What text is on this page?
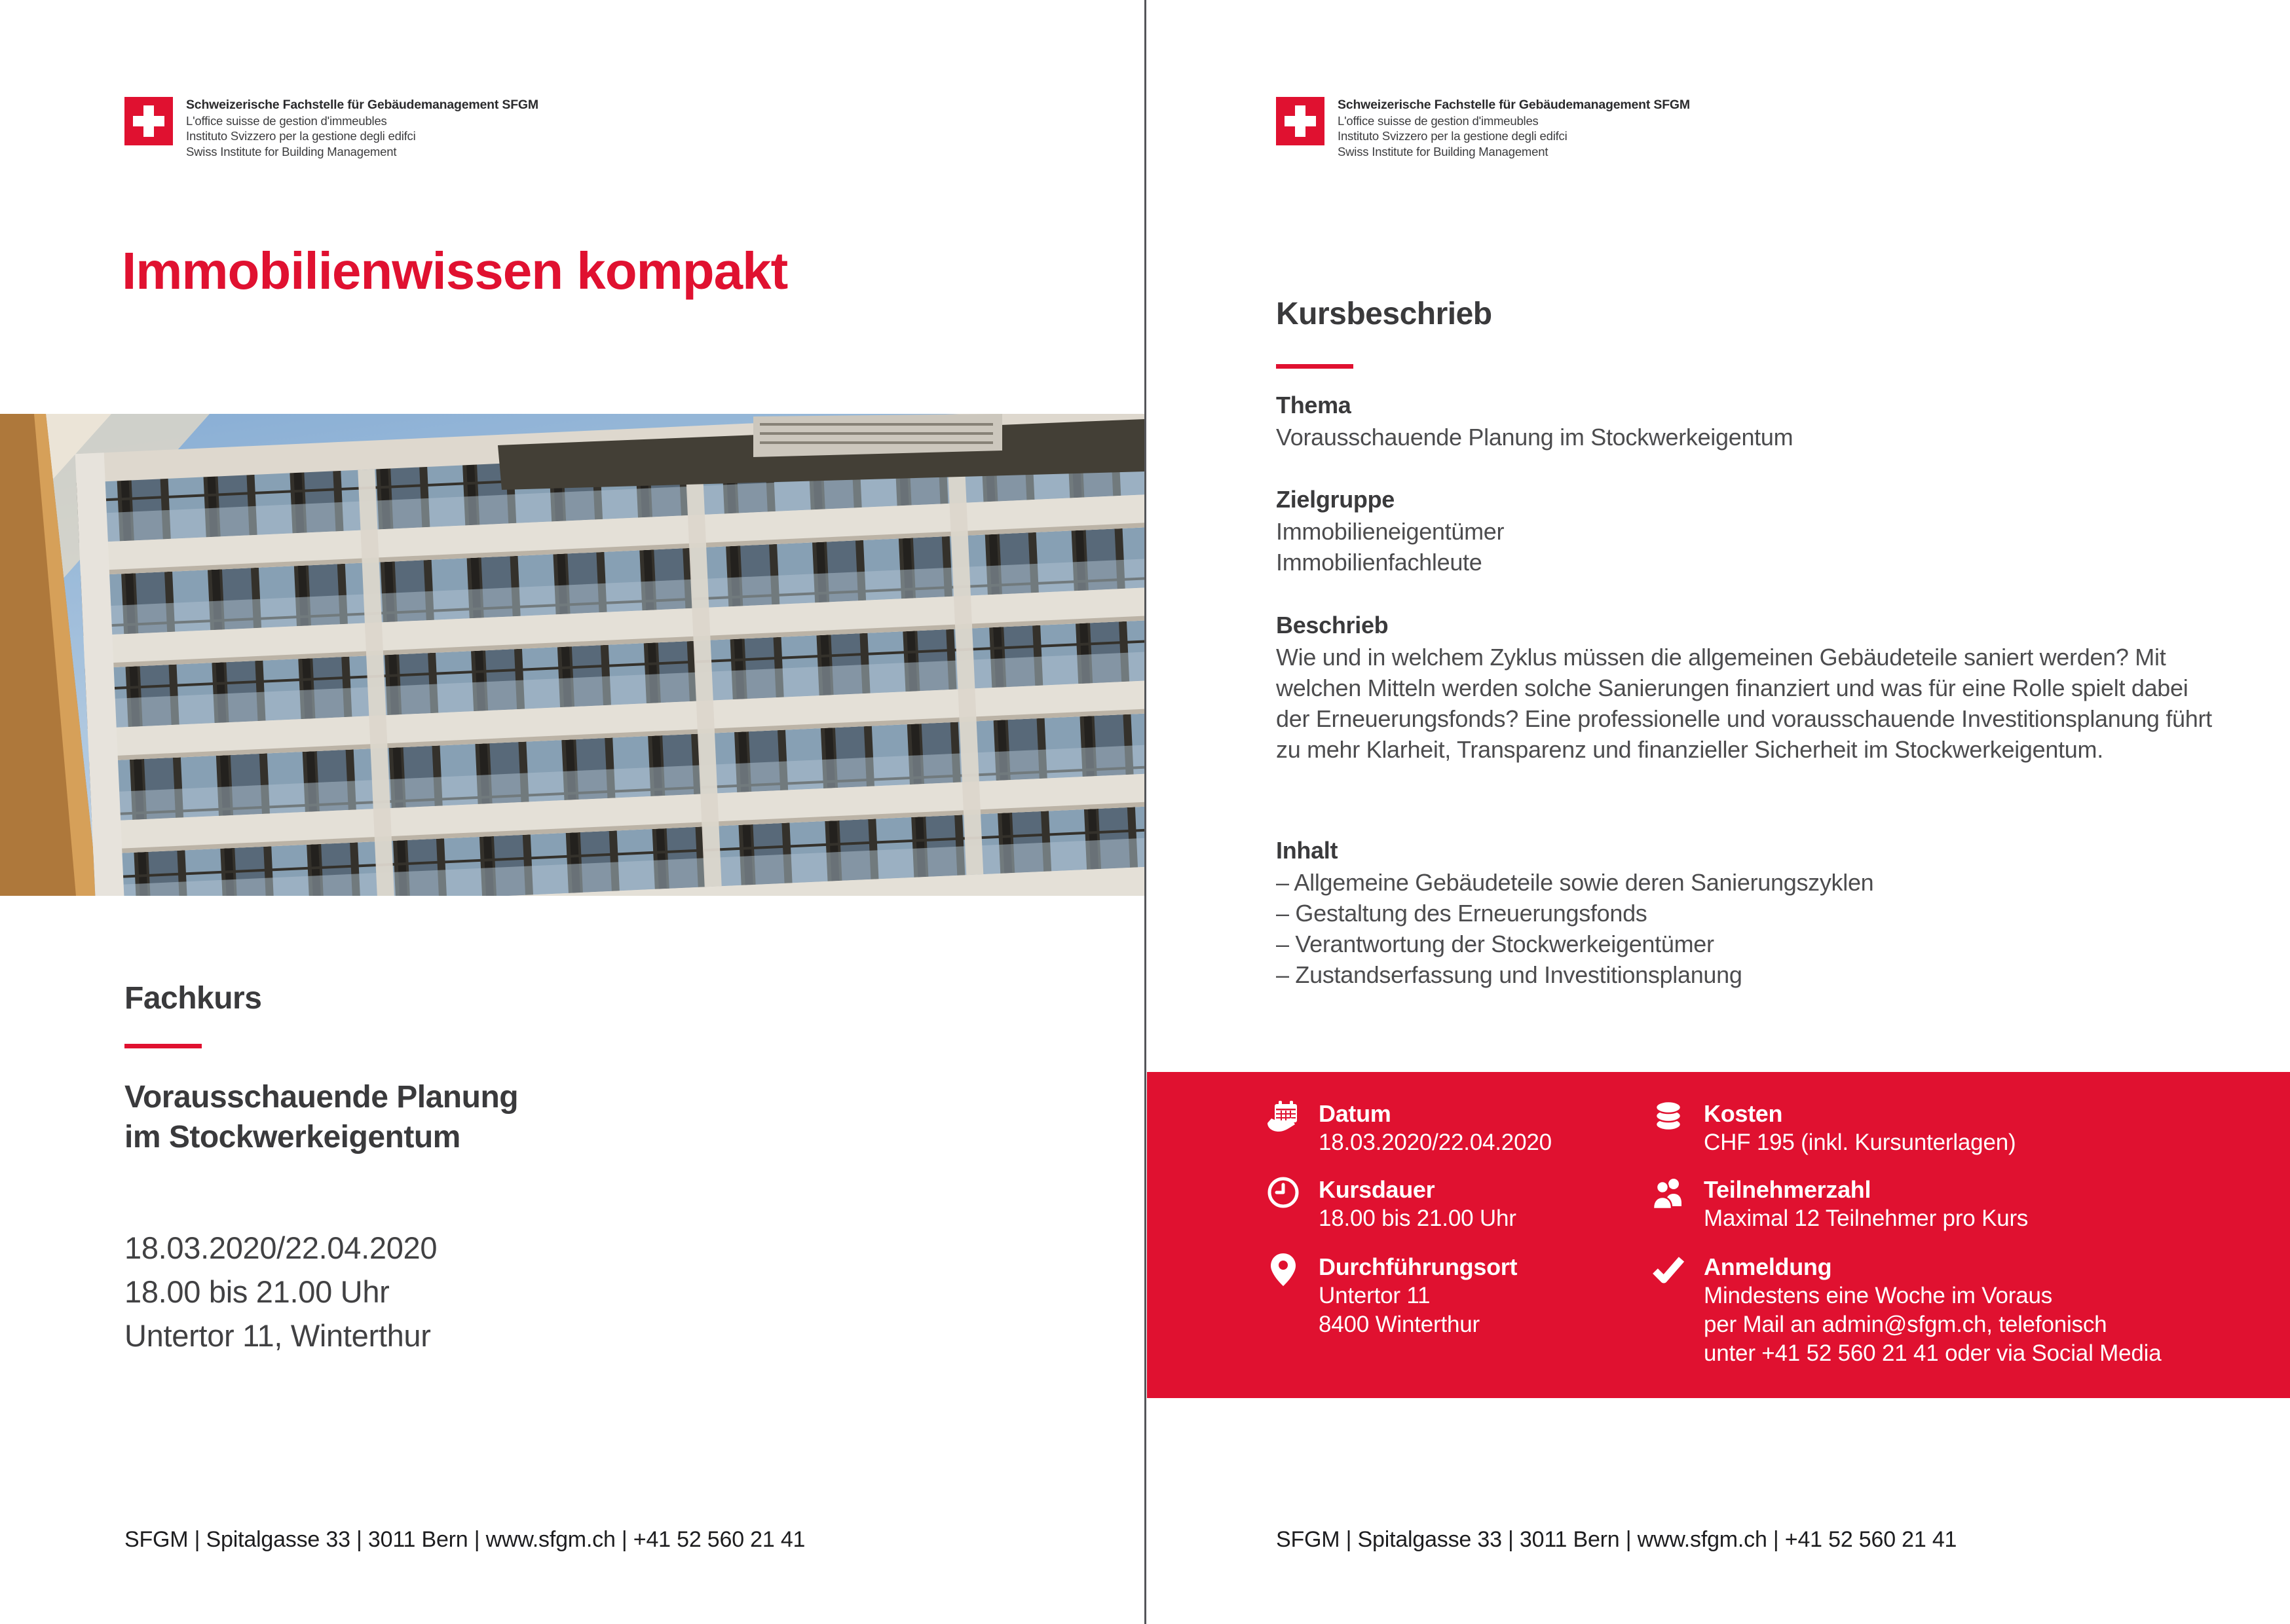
Schweizerische Fachstelle für Gebäudemanagement SFGM
L'office suisse de gestion d'immeubles
Instituto Svizzero per la gestione degli edifci
Swiss Institute for Building Management
Immobilienwissen kompakt
Fachkurs
Vorausschauende Planung
im Stockwerkeigentum
18.03.2020/22.04.2020
18.00 bis 21.00 Uhr
Untertor 11, Winterthur
SFGM | Spitalgasse 33 | 3011 Bern | www.sfgm.ch | +41 52 560 21 41
Schweizerische Fachstelle für Gebäudemanagement SFGM
L'office suisse de gestion d'immeubles
Instituto Svizzero per la gestione degli edifci
Swiss Institute for Building Management
Kursbeschrieb
Thema
Vorausschauende Planung im Stockwerkeigentum
Zielgruppe
Immobilieneigentümer
Immobilienfachleute
Beschrieb
Wie und in welchem Zyklus müssen die allgemeinen Gebäudeteile saniert werden? Mit welchen Mitteln werden solche Sanierungen finanziert und was für eine Rolle spielt dabei der Erneuerungsfonds? Eine professionelle und vorausschauende Investitionsplanung führt zu mehr Klarheit, Transparenz und finanzieller Sicherheit im Stockwerkeigentum.
Inhalt
– Allgemeine Gebäudeteile sowie deren Sanierungszyklen
– Gestaltung des Erneuerungsfonds
– Verantwortung der Stockwerkeigentümer
– Zustandserfassung und Investitionsplanung
Datum
18.03.2020/22.04.2020
Kursdauer
18.00 bis 21.00 Uhr
Durchführungsort
Untertor 11
8400 Winterthur
Kosten
CHF 195 (inkl. Kursunterlagen)
Teilnehmerzahl
Maximal 12 Teilnehmer pro Kurs
Anmeldung
Mindestens eine Woche im Voraus
per Mail an admin@sfgm.ch, telefonisch
unter +41 52 560 21 41 oder via Social Media
SFGM | Spitalgasse 33 | 3011 Bern | www.sfgm.ch | +41 52 560 21 41
